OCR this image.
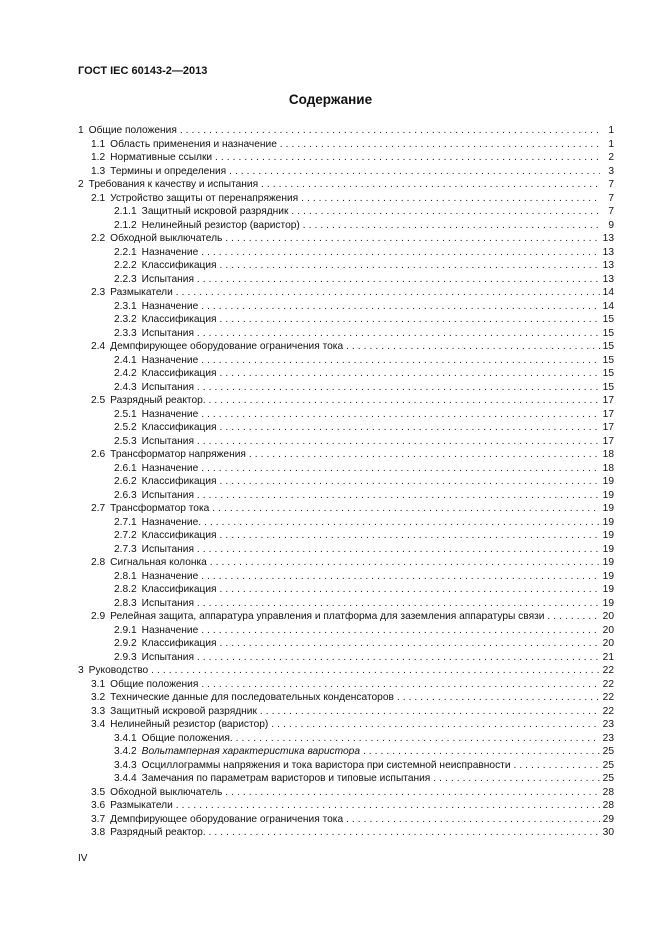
ГОСТ IEC 60143-2—2013
Содержание
1 Общие положения . . .	1
1.1 Область применения и назначение . . .	1
1.2 Нормативные ссылки . . .	2
1.3 Термины и определения . . .	3
2 Требования к качеству и испытания . . .	7
2.1 Устройство защиты от перенапряжения . . .	7
2.1.1 Защитный искровой разрядник . . .	7
2.1.2 Нелинейный резистор (варистор) . . .	9
2.2 Обходной выключатель . . .	13
2.2.1 Назначение . . .	13
2.2.2 Классификация . . .	13
2.2.3 Испытания . . .	13
2.3 Размыкатели . . .	14
2.3.1 Назначение . . .	14
2.3.2 Классификация . . .	15
2.3.3 Испытания . . .	15
2.4 Демпфирующее оборудование ограничения тока . . .	15
2.4.1 Назначение . . .	15
2.4.2 Классификация . . .	15
2.4.3 Испытания . . .	15
2.5 Разрядный реактор. . . .	17
2.5.1 Назначение . . .	17
2.5.2 Классификация . . .	17
2.5.3 Испытания . . .	17
2.6 Трансформатор напряжения . . .	18
2.6.1 Назначение . . .	18
2.6.2 Классификация . . .	19
2.6.3 Испытания . . .	19
2.7 Трансформатор тока . . .	19
2.7.1 Назначение. . . .	19
2.7.2 Классификация . . .	19
2.7.3 Испытания . . .	19
2.8 Сигнальная колонка . . .	19
2.8.1 Назначение . . .	19
2.8.2 Классификация . . .	19
2.8.3 Испытания . . .	19
2.9 Релейная защита, аппаратура управления и платформа для заземления аппаратуры связи . . .	20
2.9.1 Назначение . . .	20
2.9.2 Классификация . . .	20
2.9.3 Испытания . . .	21
3 Руководство . . .	22
3.1 Общие положения . . .	22
3.2 Технические данные для последовательных конденсаторов . . .	22
3.3 Защитный искровой разрядник . . .	22
3.4 Нелинейный резистор (варистор) . . .	23
3.4.1 Общие положения. . . .	23
3.4.2 Вольтамперная характеристика варистора . . .	25
3.4.3 Осциллограммы напряжения и тока варистора при системной неисправности . . .	25
3.4.4 Замечания по параметрам варисторов и типовые испытания . . .	25
3.5 Обходной выключатель . . .	28
3.6 Размыкатели . . .	28
3.7 Демпфирующее оборудование ограничения тока . . .	29
3.8 Разрядный реактор. . . .	30
IV
